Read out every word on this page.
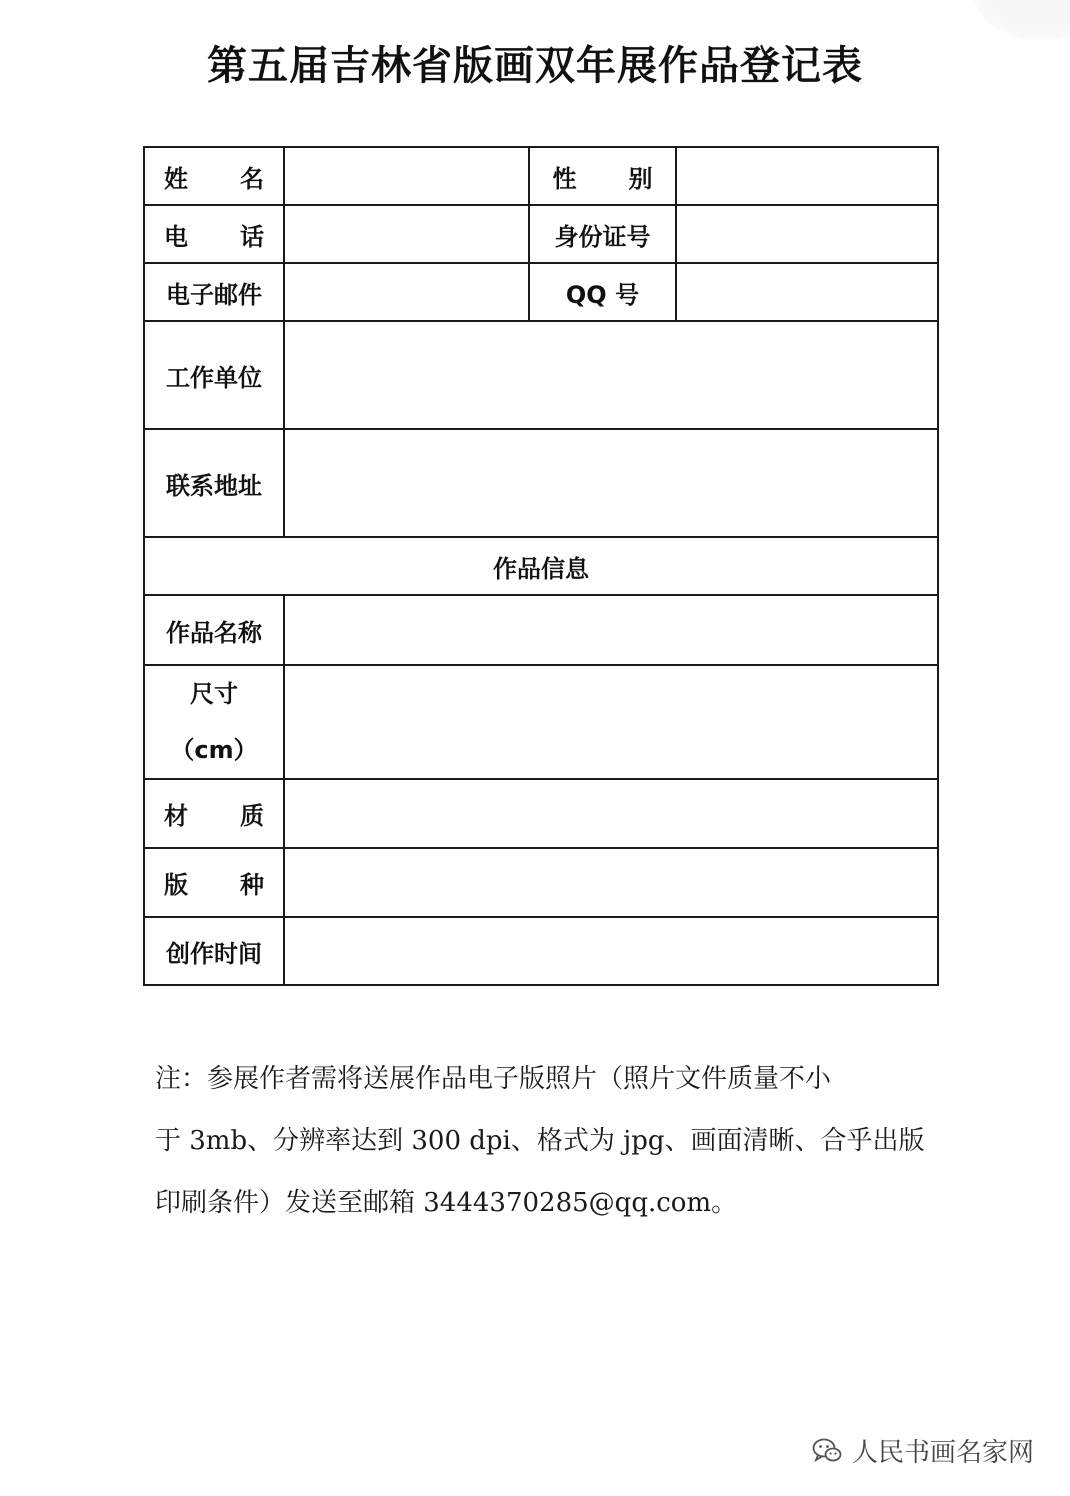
第五届吉林省版画双年展作品登记表
姓 名		性 别	

电 话		身份证号	
电子邮件		QQ 号	
工作单位			
联系地址			
作品信息			
作品名称			

尺寸
（cm）			

材 质			

版 种			

创作时间			
注：参展作者需将送展作品电子版照片（照片文件质量不小
于 3mb、分辨率达到 300 dpi、格式为 jpg、画面清晰、合乎出版
印刷条件）发送至邮箱 3444370285@qq.com。
人民书画名家网
